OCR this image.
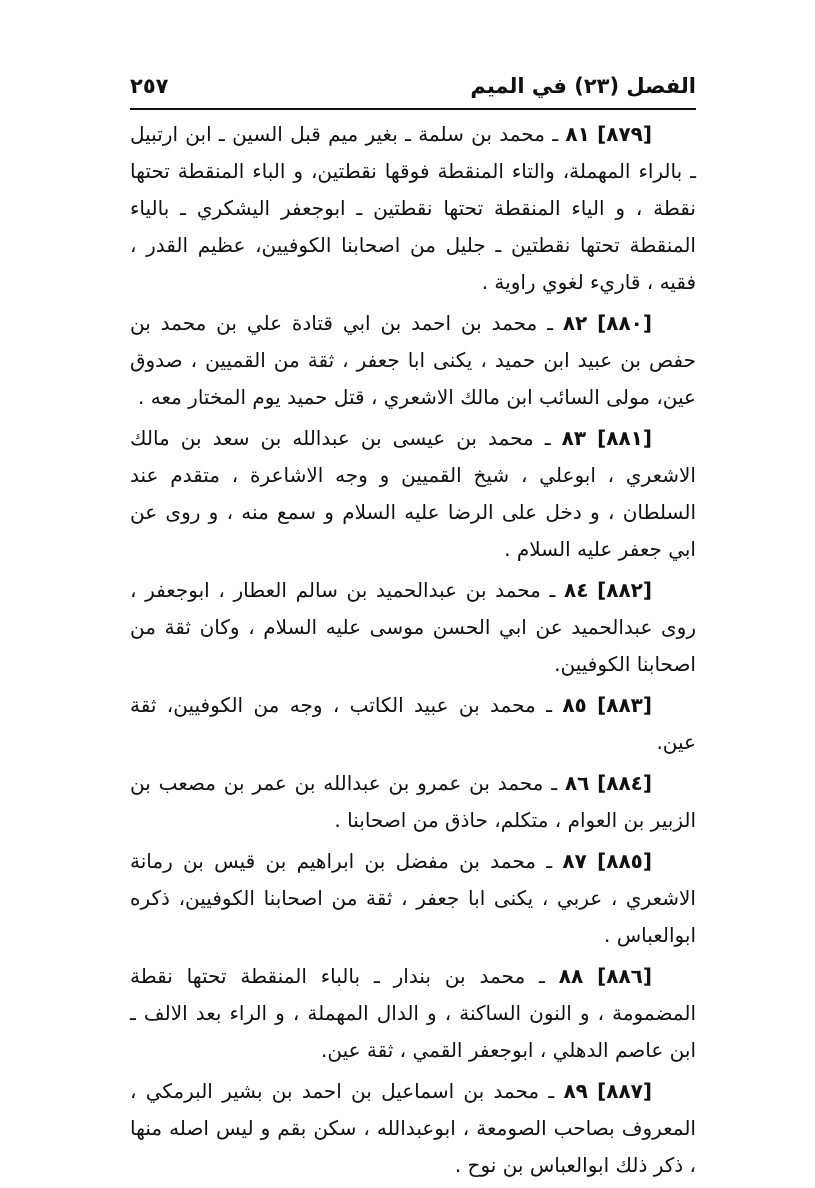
الفصل (٢٣) في الميم
٢٥٧

[٨٧٩] ٨١ ـ محمد بن سلمة ـ بغير ميم قبل السين ـ ابن ارتبيل ـ بالراء المهملة، والتاء المنقطة فوقها نقطتين، و الباء المنقطة تحتها نقطة ، و الياء المنقطة تحتها نقطتين ـ ابوجعفر اليشكري ـ بالياء المنقطة تحتها نقطتين ـ جليل من اصحابنا الكوفيين، عظيم القدر ، فقيه ، قاريء لغوي راوية .

[٨٨٠] ٨٢ ـ محمد بن احمد بن ابي قتادة علي بن محمد بن حفص بن عبيد ابن حميد ، يكنى ابا جعفر ، ثقة من القميين ، صدوق عين، مولى السائب ابن مالك الاشعري ، قتل حميد يوم المختار معه .

[٨٨١] ٨٣ ـ محمد بن عيسى بن عبدالله بن سعد بن مالك الاشعري ، ابوعلي ، شيخ القميين و وجه الاشاعرة ، متقدم عند السلطان ، و دخل على الرضا عليه السلام و سمع منه ، و روى عن ابي جعفر عليه السلام .

[٨٨٢] ٨٤ ـ محمد بن عبدالحميد بن سالم العطار ، ابوجعفر ، روى عبدالحميد عن ابي الحسن موسى عليه السلام ، وكان ثقة من اصحابنا الكوفيين.

[٨٨٣] ٨٥ ـ محمد بن عبيد الكاتب ، وجه من الكوفيين، ثقة عين.

[٨٨٤] ٨٦ ـ محمد بن عمرو بن عبدالله بن عمر بن مصعب بن الزبير بن العوام ، متكلم، حاذق من اصحابنا .

[٨٨٥] ٨٧ ـ محمد بن مفضل بن ابراهيم بن قيس بن رمانة الاشعري ، عربي ، يكنى ابا جعفر ، ثقة من اصحابنا الكوفيين، ذكره ابوالعباس .

[٨٨٦] ٨٨ ـ محمد بن بندار ـ بالباء المنقطة تحتها نقطة المضمومة ، و النون الساكنة ، و الدال المهملة ، و الراء بعد الالف ـ ابن عاصم الدهلي ، ابوجعفر القمي ، ثقة عين.

[٨٨٧] ٨٩ ـ محمد بن اسماعيل بن احمد بن بشير البرمكي ، المعروف بصاحب الصومعة ، ابوعبدالله ، سكن بقم و ليس اصله منها ، ذكر ذلك ابوالعباس بن نوح .
